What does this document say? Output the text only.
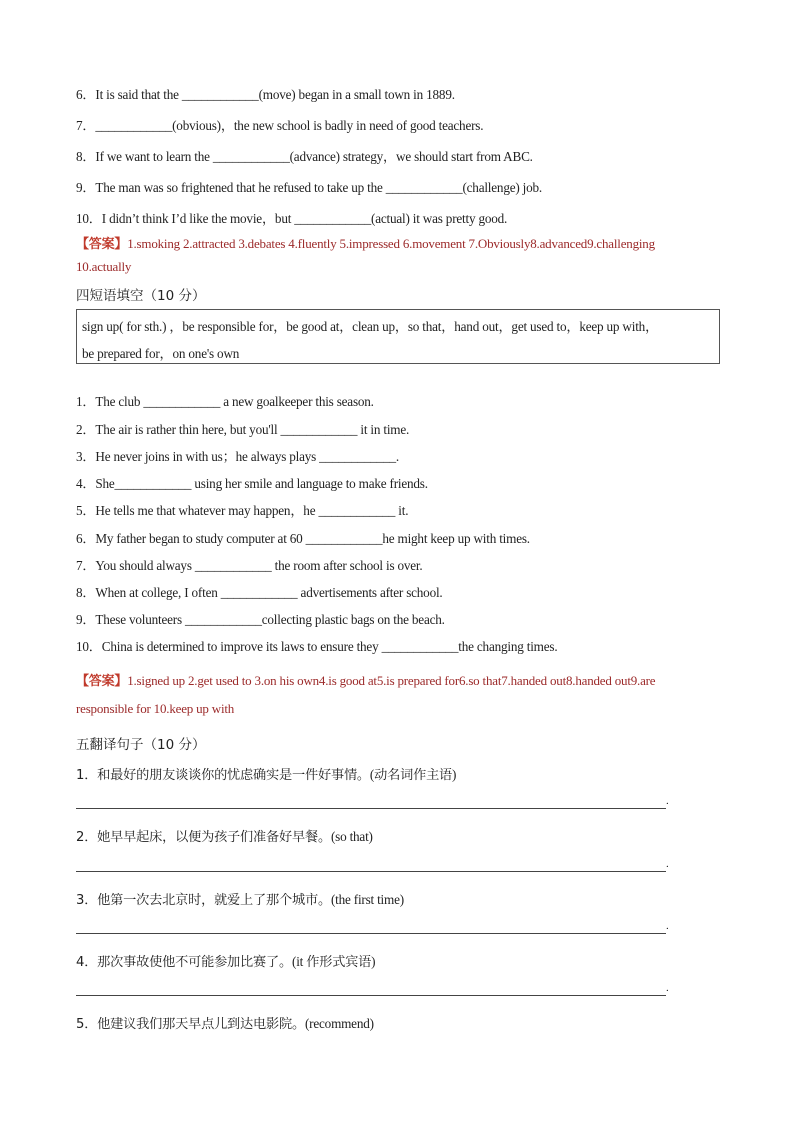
6．It is said that the ____________(move) began in a small town in 1889.
7．____________(obvious)，the new school is badly in need of good teachers.
8．If we want to learn the ____________(advance) strategy，we should start from ABC.
9．The man was so frightened that he refused to take up the ____________(challenge) job.
10．I didn’t think I’d like the movie，but ____________(actual) it was pretty good.
【答案】1.smoking 2.attracted 3.debates 4.fluently 5.impressed 6.movement 7.Obviously8.advanced9.challenging
10.actually
四短语填空（10 分）
sign up( for sth.) ，be responsible for，be good at，clean up，so that，hand out，get used to，keep up with，
be prepared for，on one's own
1．The club ____________ a new goalkeeper this season.
2．The air is rather thin here, but you'll ____________ it in time.
3．He never joins in with us；he always plays ____________.
4．She____________ using her smile and language to make friends.
5．He tells me that whatever may happen，he ____________ it.
6．My father began to study computer at 60 ____________he might keep up with times.
7．You should always ____________ the room after school is over.
8．When at college, I often ____________ advertisements after school.
9．These volunteers ____________collecting plastic bags on the beach.
10．China is determined to improve its laws to ensure they ____________the changing times.
【答案】1.signed up 2.get used to 3.on his own4.is good at5.is prepared for6.so that7.handed out8.handed out9.are
responsible for 10.keep up with
五翻译句子（10 分）
1．和最好的朋友谈谈你的忧虑确实是一件好事情。(动名词作主语)
.
2．她早早起床，以便为孩子们准备好早餐。(so that)
.
3．他第一次去北京时，就爱上了那个城市。(the first time)
.
4．那次事故使他不可能参加比赛了。(it 作形式宾语)
.
5．他建议我们那天早点儿到达电影院。(recommend)
